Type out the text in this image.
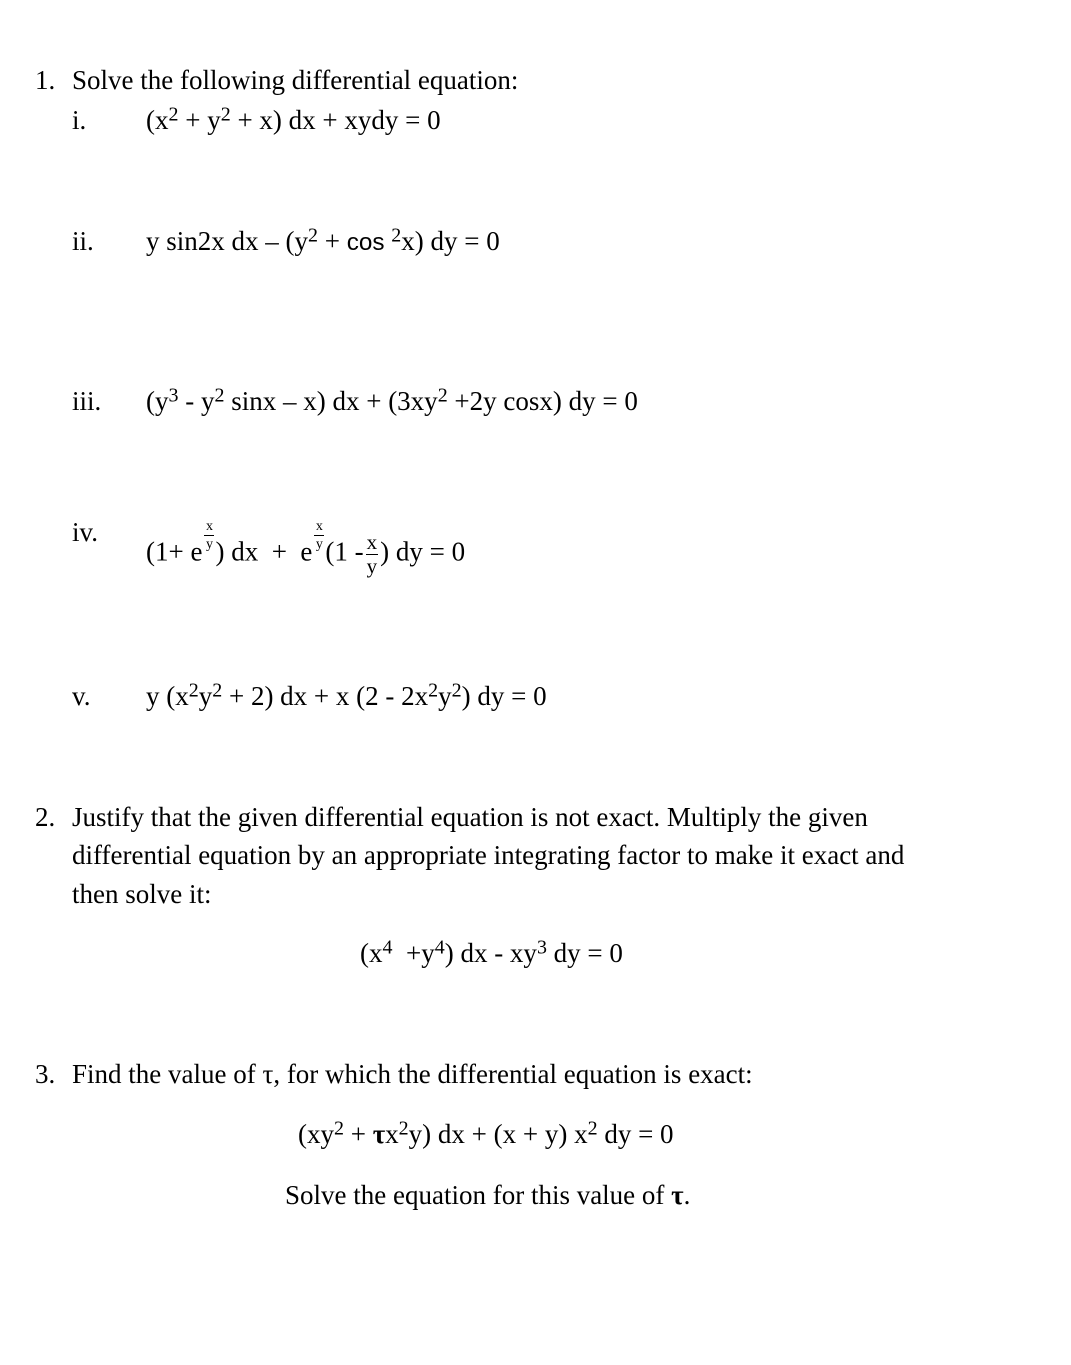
1. Solve the following differential equation:
i. $(x^2 + y^2 + x)$ dx + xydy = 0
ii. y sin2x dx – $(y^2 + \cos ^2x)$ dy = 0
iii. ($y^3 - y^2$ sinx – x) dx + ($3xy^2 +2y$ cosx) dy = 0
iv.
(1+ e
$\frac{x}{y}$
) dx  +  e
$\frac{x}{y}$
($1 - \frac{x}{y}$ ) dy = 0
v. y $(x^2y^2 + 2)$ dx + x $(2 - 2x^2y^2)$ dy = 0
2. Justify that the given differential equation is not exact. Multiply the given
differential equation by an appropriate integrating factor to make it exact and
then solve it:
$(x^4 +y^4)$ dx - $xy^3$ dy = 0
3. Find the value of τ, for which the differential equation is exact:
$(xy^2 + \tau x^2y)$ dx + (x + y) $x^2$ dy = 0
Solve the equation for this value of τ.
